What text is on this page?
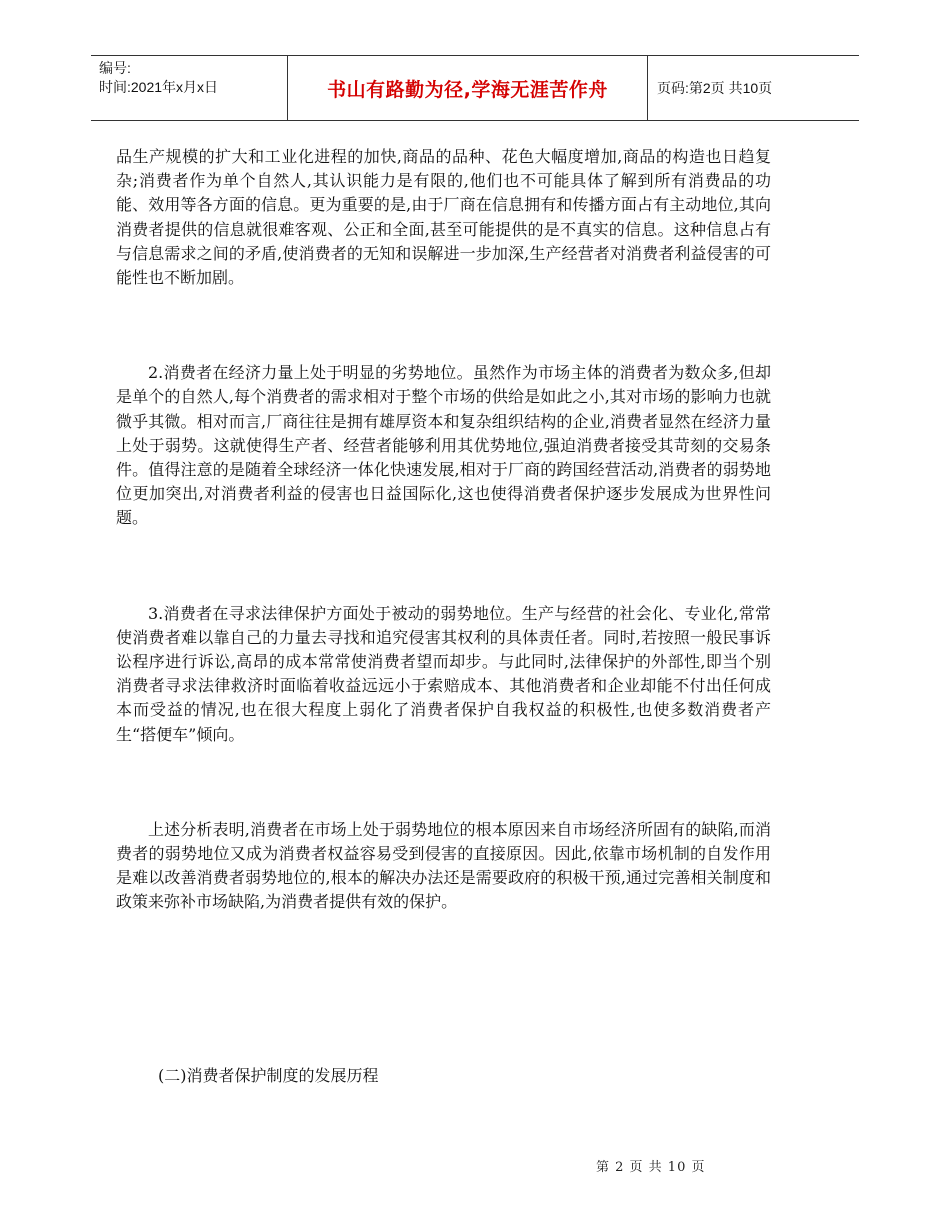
编号:
时间:2021年x月x日	书山有路勤为径,学海无涯苦作舟	页码:第2页 共10页

品生产规模的扩大和工业化进程的加快,商品的品种、花色大幅度增加,商品的构造也日趋复杂;消费者作为单个自然人,其认识能力是有限的,他们也不可能具体了解到所有消费品的功能、效用等各方面的信息。更为重要的是,由于厂商在信息拥有和传播方面占有主动地位,其向消费者提供的信息就很难客观、公正和全面,甚至可能提供的是不真实的信息。这种信息占有与信息需求之间的矛盾,使消费者的无知和误解进一步加深,生产经营者对消费者利益侵害的可能性也不断加剧。

2.消费者在经济力量上处于明显的劣势地位。虽然作为市场主体的消费者为数众多,但却是单个的自然人,每个消费者的需求相对于整个市场的供给是如此之小,其对市场的影响力也就微乎其微。相对而言,厂商往往是拥有雄厚资本和复杂组织结构的企业,消费者显然在经济力量上处于弱势。这就使得生产者、经营者能够利用其优势地位,强迫消费者接受其苛刻的交易条件。值得注意的是随着全球经济一体化快速发展,相对于厂商的跨国经营活动,消费者的弱势地位更加突出,对消费者利益的侵害也日益国际化,这也使得消费者保护逐步发展成为世界性问题。

3.消费者在寻求法律保护方面处于被动的弱势地位。生产与经营的社会化、专业化,常常使消费者难以靠自己的力量去寻找和追究侵害其权利的具体责任者。同时,若按照一般民事诉讼程序进行诉讼,高昂的成本常常使消费者望而却步。与此同时,法律保护的外部性,即当个别消费者寻求法律救济时面临着收益远远小于索赔成本、其他消费者和企业却能不付出任何成本而受益的情况,也在很大程度上弱化了消费者保护自我权益的积极性,也使多数消费者产生“搭便车”倾向。

上述分析表明,消费者在市场上处于弱势地位的根本原因来自市场经济所固有的缺陷,而消费者的弱势地位又成为消费者权益容易受到侵害的直接原因。因此,依靠市场机制的自发作用是难以改善消费者弱势地位的,根本的解决办法还是需要政府的积极干预,通过完善相关制度和政策来弥补市场缺陷,为消费者提供有效的保护。

(二)消费者保护制度的发展历程
第 2 页 共 10 页
